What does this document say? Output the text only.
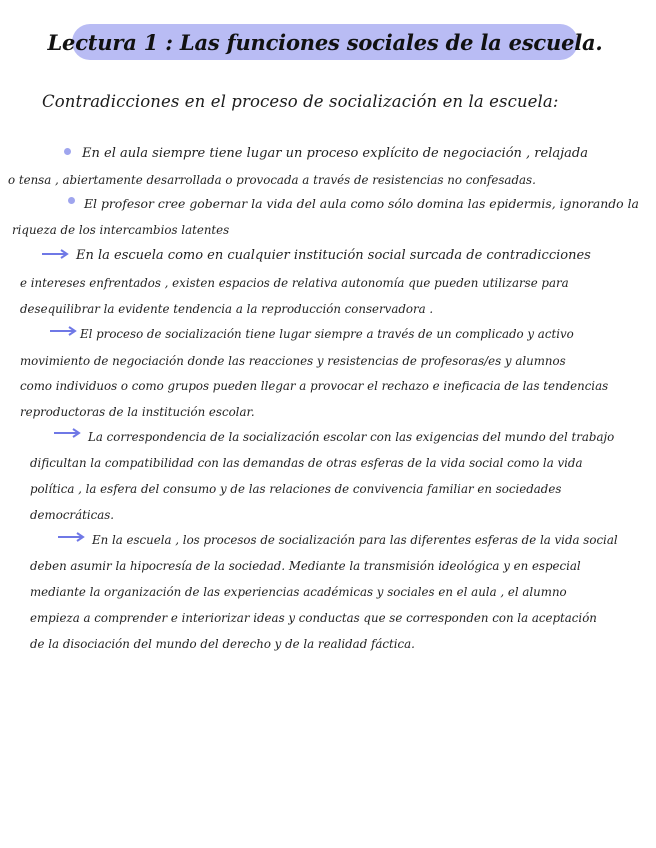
Lectura 1 : Las funciones sociales de la escuela.
Contradicciones en el proceso de socialización en la escuela:
En el aula siempre tiene lugar un proceso explícito de negociación , relajada
o tensa , abiertamente desarrollada o provocada a través de resistencias no confesadas.
El profesor cree gobernar la vida del aula como sólo domina las epidermis, ignorando la
riqueza de los intercambios latentes
En la escuela como en cualquier institución social surcada de contradicciones
e intereses enfrentados , existen espacios de relativa autonomía que pueden utilizarse para
desequilibrar la evidente tendencia a la reproducción conservadora .
El proceso de socialización tiene lugar siempre a través de un complicado y activo
movimiento de negociación donde las reacciones y resistencias de profesoras/es y alumnos
como individuos o como grupos pueden llegar a provocar el rechazo e ineficacia de las tendencias
reproductoras de la institución escolar.
La correspondencia de la socialización escolar con las exigencias del mundo del trabajo
dificultan la compatibilidad con las demandas de otras esferas de la vida social como la vida
política , la esfera del consumo y de las relaciones de convivencia familiar en sociedades
democráticas.
En la escuela , los procesos de socialización para las diferentes esferas de la vida social
deben asumir la hipocresía de la sociedad. Mediante la transmisión ideológica y en especial
mediante la organización de las experiencias académicas y sociales en el aula , el alumno
empieza a comprender e interiorizar ideas y conductas que se corresponden con la aceptación
de la disociación del mundo del derecho y de la realidad fáctica.
